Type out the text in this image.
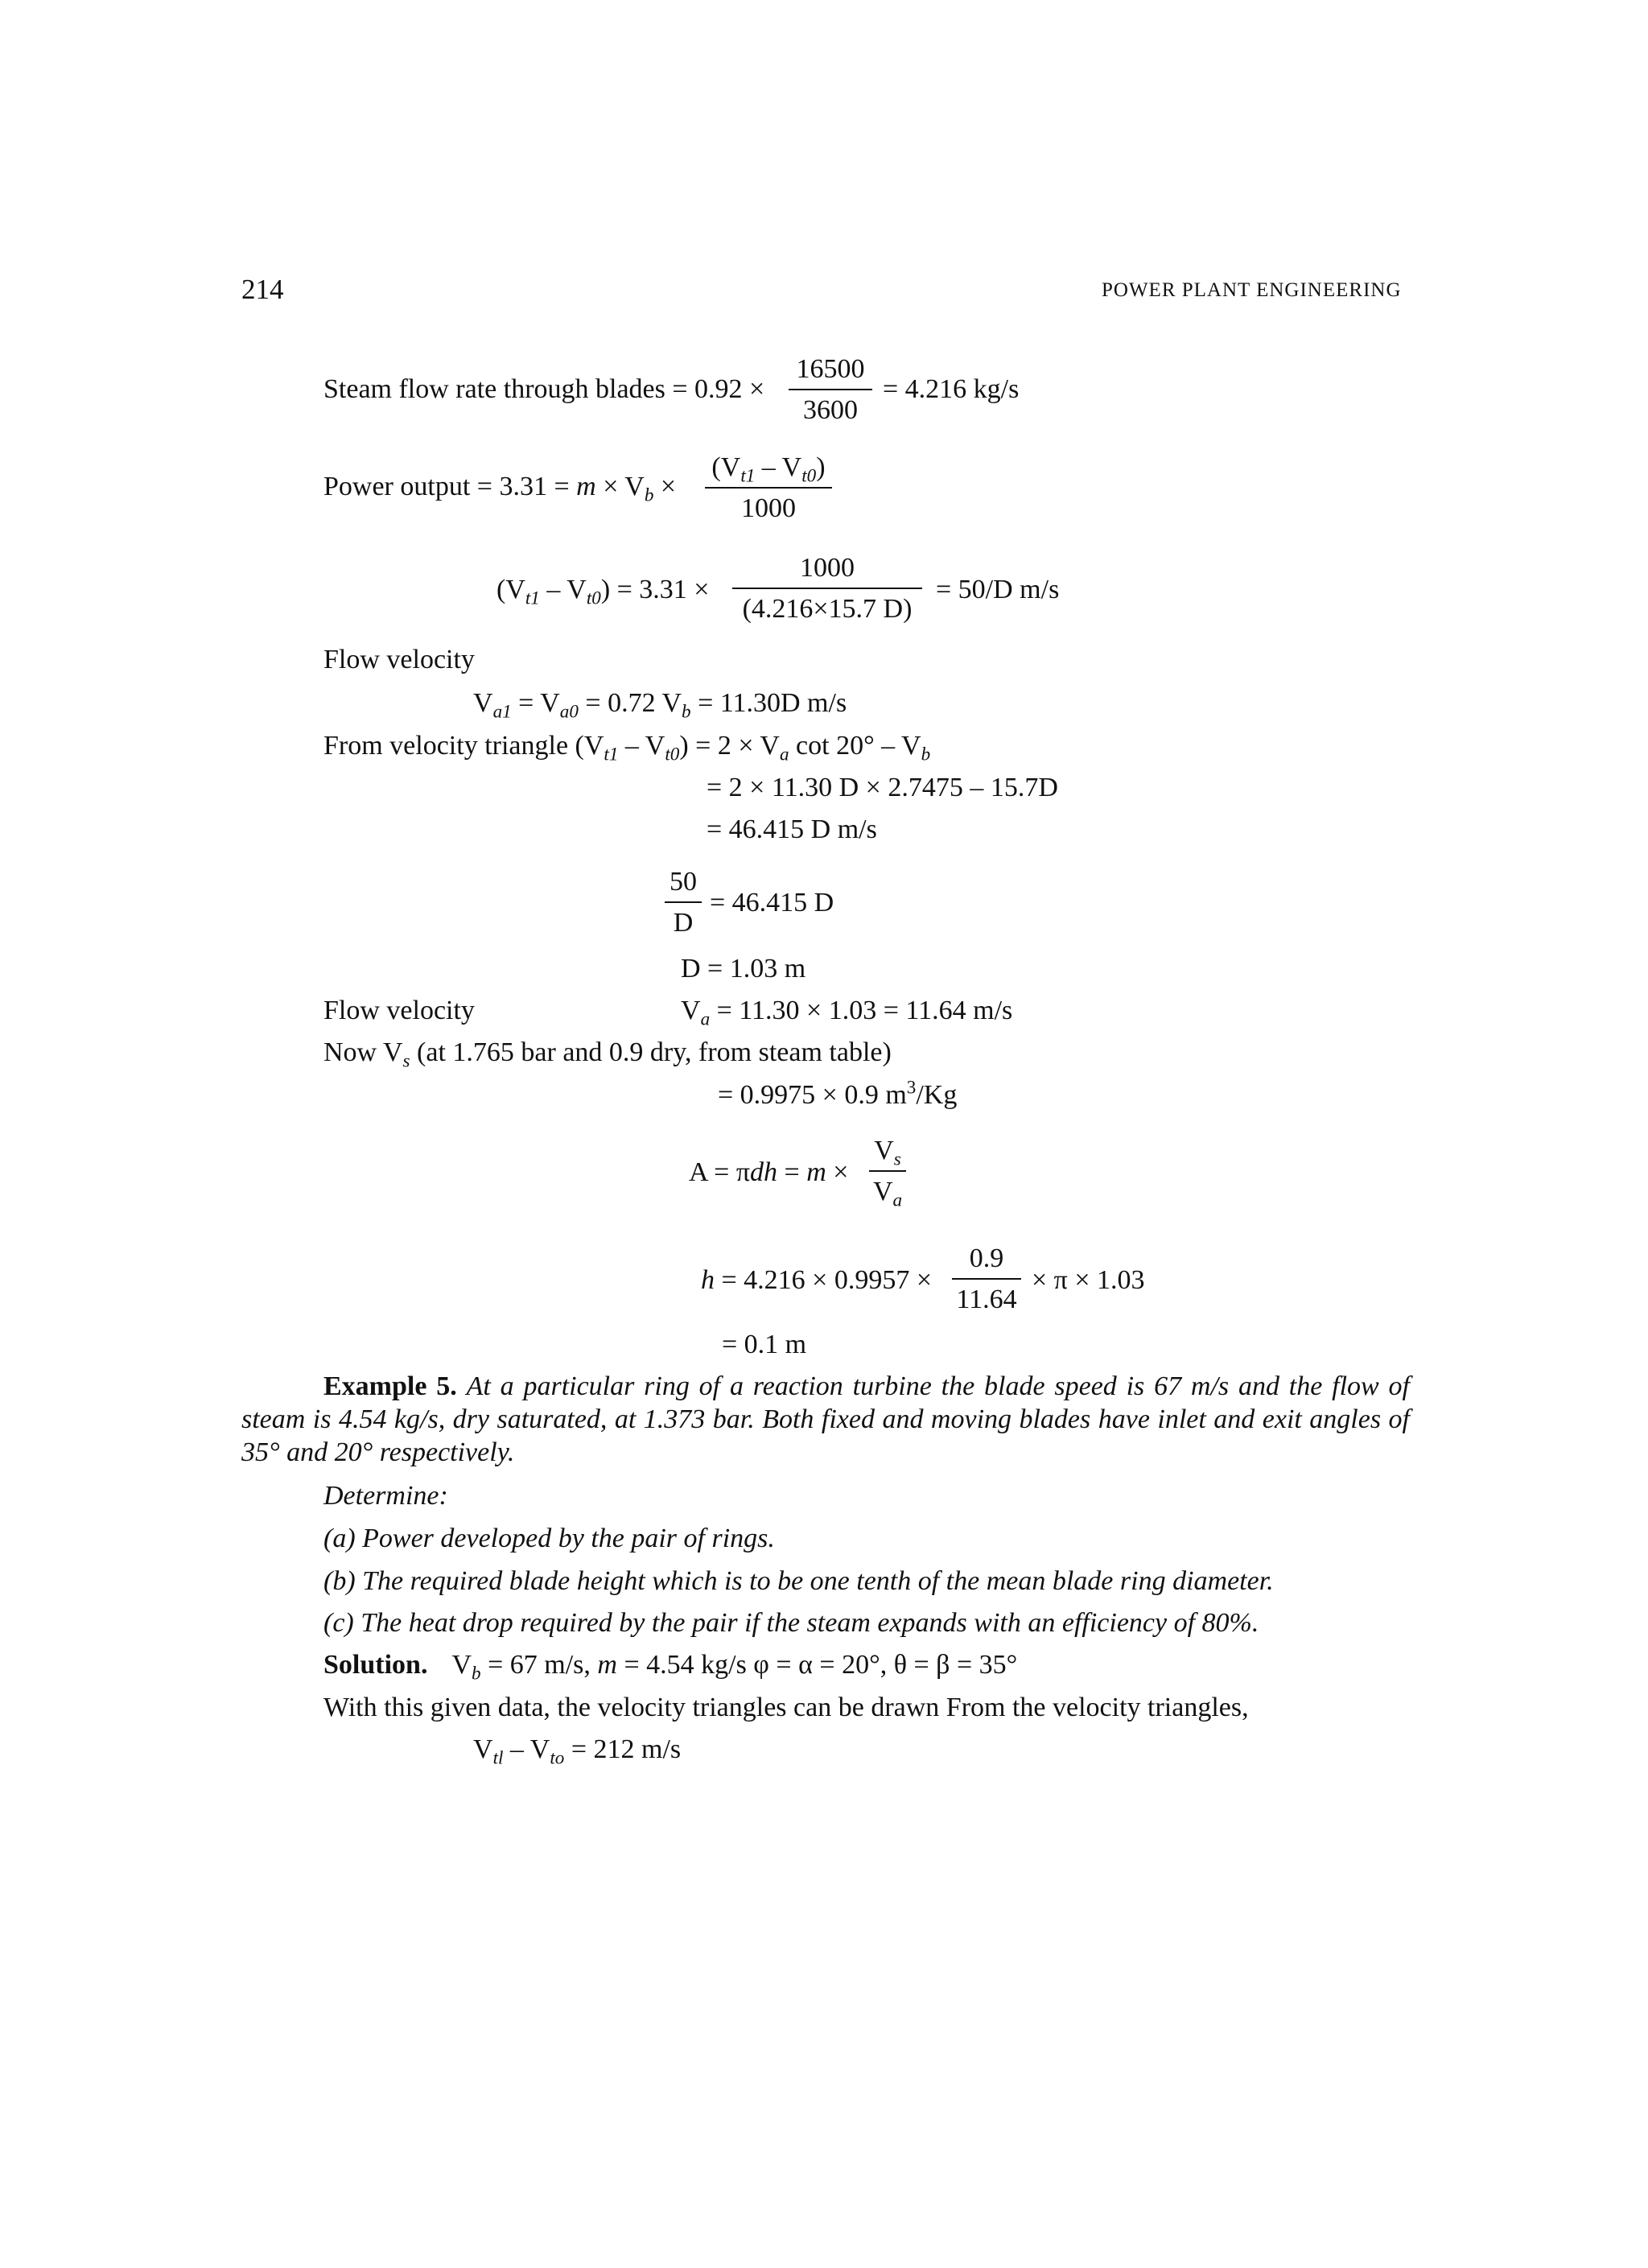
214	POWER PLANT ENGINEERING
Steam flow rate through blades = 0.92 ×
16500
3600
= 4.216 kg/s
Power output = $3.31 = m \times V_b$ ×
$(V_{t1} - V_{t0})$
1000
$(V_{t1} - V_{t0}) = 3.31$ ×
1000
(4.216×15.7 D)
= 50/D m/s
Flow velocity
$V_{a1} = V_{a0} = 0.72$ $V_b = 11.30D$ m/s
From velocity triangle $(V_{t1} - V_{t0}) = 2 \times V_a$ $\cot 20^\circ - V_b$
= 2 × 11.30 D × 2.7475 – 15.7D
= 46.415 D m/s
50
D
= 46.415 D
D = 1.03 m
Flow velocity	$V_a = 11.30 \times 1.03 = 11.64$ m/s
Now $V_s$ (at 1.765 bar and 0.9 dry, from steam table)
= 0.9975 × 0.9 $m^3/Kg$
A = πdh = m ×
$V_s$
$V_a$
h = 4.216 × 0.9957 ×
0.9
11.64
× π × 1.03
= 0.1 m
Example 5. At a particular ring of a reaction turbine the blade speed is 67 m/s and the flow of steam is 4.54 kg/s, dry saturated, at 1.373 bar. Both fixed and moving blades have inlet and exit angles of 35° and 20° respectively.
Determine:
(a) Power developed by the pair of rings.
(b) The required blade height which is to be one tenth of the mean blade ring diameter.
(c) The heat drop required by the pair if the steam expands with an efficiency of 80%.
Solution. $V_b = 67$ m/s, m = 4.54 kg/s φ = α = 20°, θ = β = 35°
With this given data, the velocity triangles can be drawn From the velocity triangles,
$V_{tl} - V_{to} = 212$ m/s
